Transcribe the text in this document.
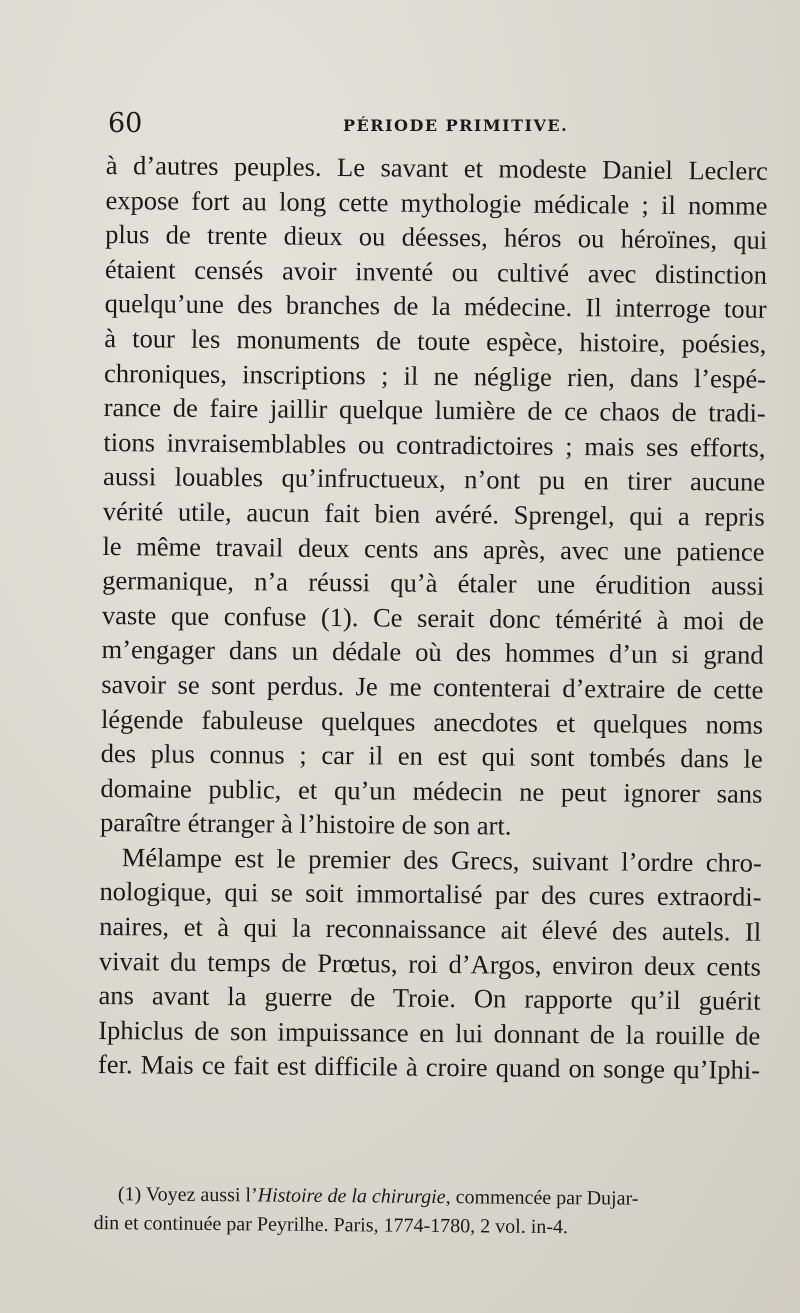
60	PÉRIODE PRIMITIVE.

à d’autres peuples. Le savant et modeste Daniel Leclerc
expose fort au long cette mythologie médicale ; il nomme
plus de trente dieux ou déesses, héros ou héroïnes, qui
étaient censés avoir inventé ou cultivé avec distinction
quelqu’une des branches de la médecine. Il interroge tour
à tour les monuments de toute espèce, histoire, poésies,
chroniques, inscriptions ; il ne néglige rien, dans l’espé-
rance de faire jaillir quelque lumière de ce chaos de tradi-
tions invraisemblables ou contradictoires ; mais ses efforts,
aussi louables qu’infructueux, n’ont pu en tirer aucune
vérité utile, aucun fait bien avéré. Sprengel, qui a repris
le même travail deux cents ans après, avec une patience
germanique, n’a réussi qu’à étaler une érudition aussi
vaste que confuse (1). Ce serait donc témérité à moi de
m’engager dans un dédale où des hommes d’un si grand
savoir se sont perdus. Je me contenterai d’extraire de cette
légende fabuleuse quelques anecdotes et quelques noms
des plus connus ; car il en est qui sont tombés dans le
domaine public, et qu’un médecin ne peut ignorer sans
paraître étranger à l’histoire de son art.

Mélampe est le premier des Grecs, suivant l’ordre chro-

nologique, qui se soit immortalisé par des cures extraordi-
naires, et à qui la reconnaissance ait élevé des autels. Il
vivait du temps de Prœtus, roi d’Argos, environ deux cents
ans avant la guerre de Troie. On rapporte qu’il guérit
Iphiclus de son impuissance en lui donnant de la rouille de
fer. Mais ce fait est difficile à croire quand on songe qu’Iphi-

(1) Voyez aussi l’Histoire de la chirurgie, commencée par Dujar-
din et continuée par Peyrilhe. Paris, 1774-1780, 2 vol. in-4.
